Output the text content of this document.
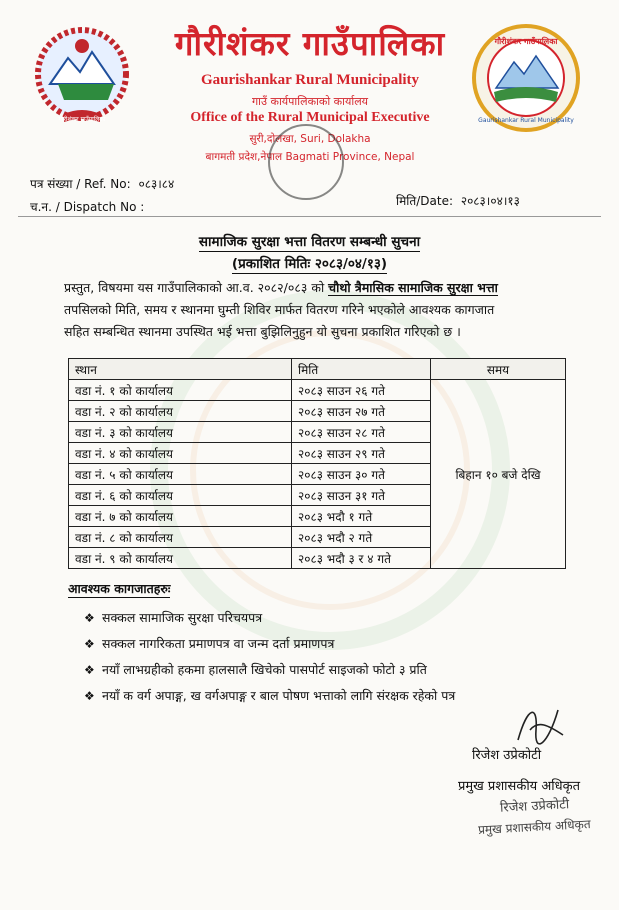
गौरीशंकर गाउँपालिका
गौरीशंकर गाउँपालिका
Gaurishankar Rural Municipality
गौरीशंकर गाउँपालिका
Gaurishankar Rural Municipality
गाउँ कार्यपालिकाको कार्यालय
Office of the Rural Municipal Executive
सुरी,दोलखा, Suri, Dolakha
बागमती प्रदेश,नेपाल Bagmati Province, Nepal
पत्र संख्या / Ref. No: ०८३।८४
च.न. / Dispatch No :	मिति/Date: २०८३।०४।१३
सामाजिक सुरक्षा भत्ता वितरण सम्बन्धी सुचना
(प्रकाशित मितिः २०८३/०४/१३)
प्रस्तुत, विषयमा यस गाउँपालिकाको आ.व. २०८२/०८३ को चौथो त्रैमासिक सामाजिक सुरक्षा भत्ता
तपसिलको मिति, समय र स्थानमा घुम्ती शिविर मार्फत वितरण गरिने भएकोले आवश्यक कागजात
सहित सम्बन्धित स्थानमा उपस्थित भई भत्ता बुझिलिनुहुन यो सुचना प्रकाशित गरिएको छ ।
स्थान	मिति	समय
वडा नं. १ को कार्यालय	२०८३ साउन २६ गते	बिहान १० बजे देखि
वडा नं. २ को कार्यालय	२०८३ साउन २७ गते	
वडा नं. ३ को कार्यालय	२०८३ साउन २८ गते	
वडा नं. ४ को कार्यालय	२०८३ साउन २९ गते	
वडा नं. ५ को कार्यालय	२०८३ साउन ३० गते	
वडा नं. ६ को कार्यालय	२०८३ साउन ३१ गते	
वडा नं. ७ को कार्यालय	२०८३ भदौ १ गते	
वडा नं. ८ को कार्यालय	२०८३ भदौ २ गते	
वडा नं. ९ को कार्यालय	२०८३ भदौ ३ र ४ गते	
आवश्यक कागजातहरुः
❖ सक्कल सामाजिक सुरक्षा परिचयपत्र
❖ सक्कल नागरिकता प्रमाणपत्र वा जन्म दर्ता प्रमाणपत्र
❖ नयाँ लाभग्रहीको हकमा हालसालै खिचेको पासपोर्ट साइजको फोटो ३ प्रति
❖ नयाँ क वर्ग अपाङ्ग, ख वर्गअपाङ्ग र बाल पोषण भत्ताको लागि संरक्षक रहेको पत्र
रिजेश उप्रेकोटी
प्रमुख प्रशासकीय अधिकृत
रिजेश उप्रेकोटी
प्रमुख प्रशासकीय अधिकृत
